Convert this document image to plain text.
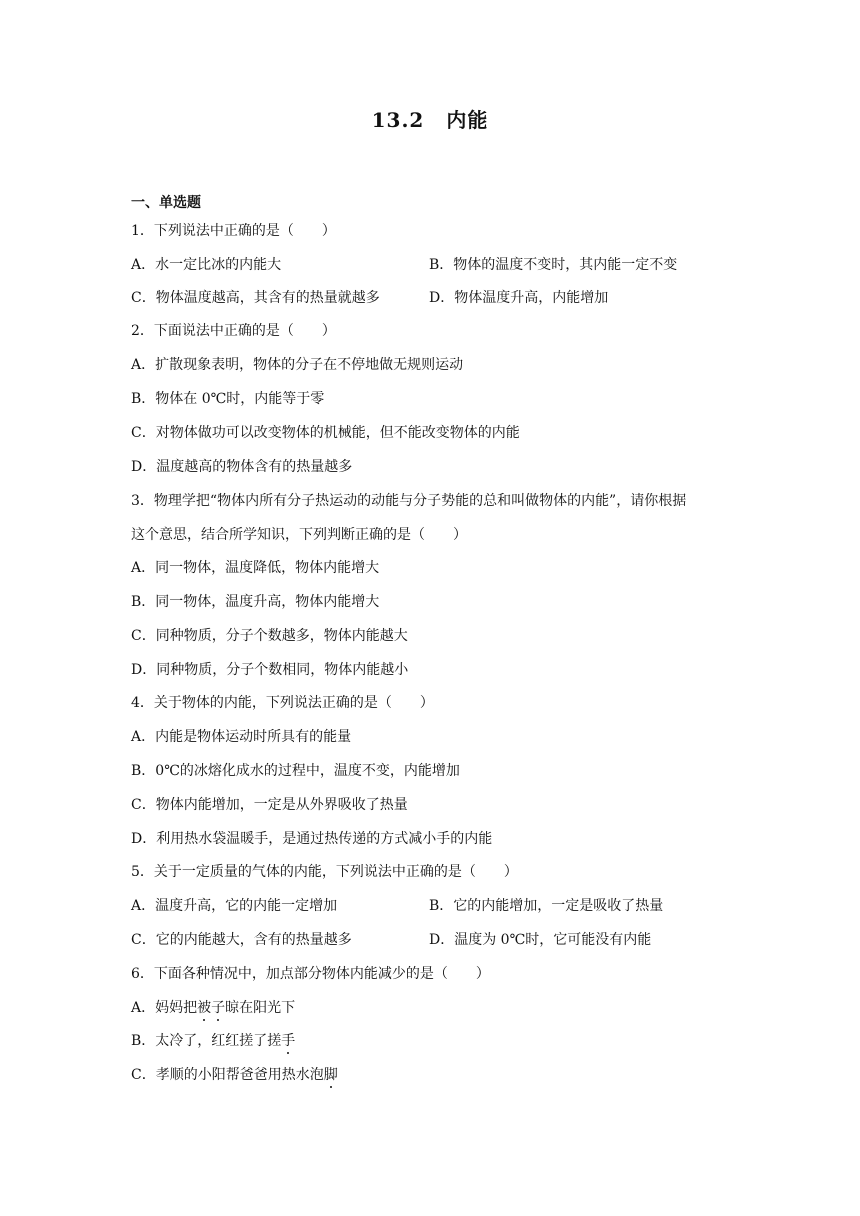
13.2 内能
一、单选题
1．下列说法中正确的是（　　）
A．水一定比冰的内能大	B．物体的温度不变时，其内能一定不变
C．物体温度越高，其含有的热量就越多	D．物体温度升高，内能增加
2．下面说法中正确的是（　　）
A．扩散现象表明，物体的分子在不停地做无规则运动
B．物体在 0℃时，内能等于零
C．对物体做功可以改变物体的机械能，但不能改变物体的内能
D．温度越高的物体含有的热量越多
3．物理学把“物体内所有分子热运动的动能与分子势能的总和叫做物体的内能”，请你根据
这个意思，结合所学知识，下列判断正确的是（　　）
A．同一物体，温度降低，物体内能增大
B．同一物体，温度升高，物体内能增大
C．同种物质，分子个数越多，物体内能越大
D．同种物质，分子个数相同，物体内能越小
4．关于物体的内能，下列说法正确的是（　　）
A．内能是物体运动时所具有的能量
B．0℃的冰熔化成水的过程中，温度不变，内能增加
C．物体内能增加，一定是从外界吸收了热量
D．利用热水袋温暖手，是通过热传递的方式减小手的内能
5．关于一定质量的气体的内能，下列说法中正确的是（　　）
A．温度升高，它的内能一定增加	B．它的内能增加，一定是吸收了热量
C．它的内能越大，含有的热量越多	D．温度为 0℃时，它可能没有内能
6．下面各种情况中，加点部分物体内能减少的是（　　）
A．妈妈把被子晾在阳光下
B．太冷了，红红搓了搓手
C．孝顺的小阳帮爸爸用热水泡脚
